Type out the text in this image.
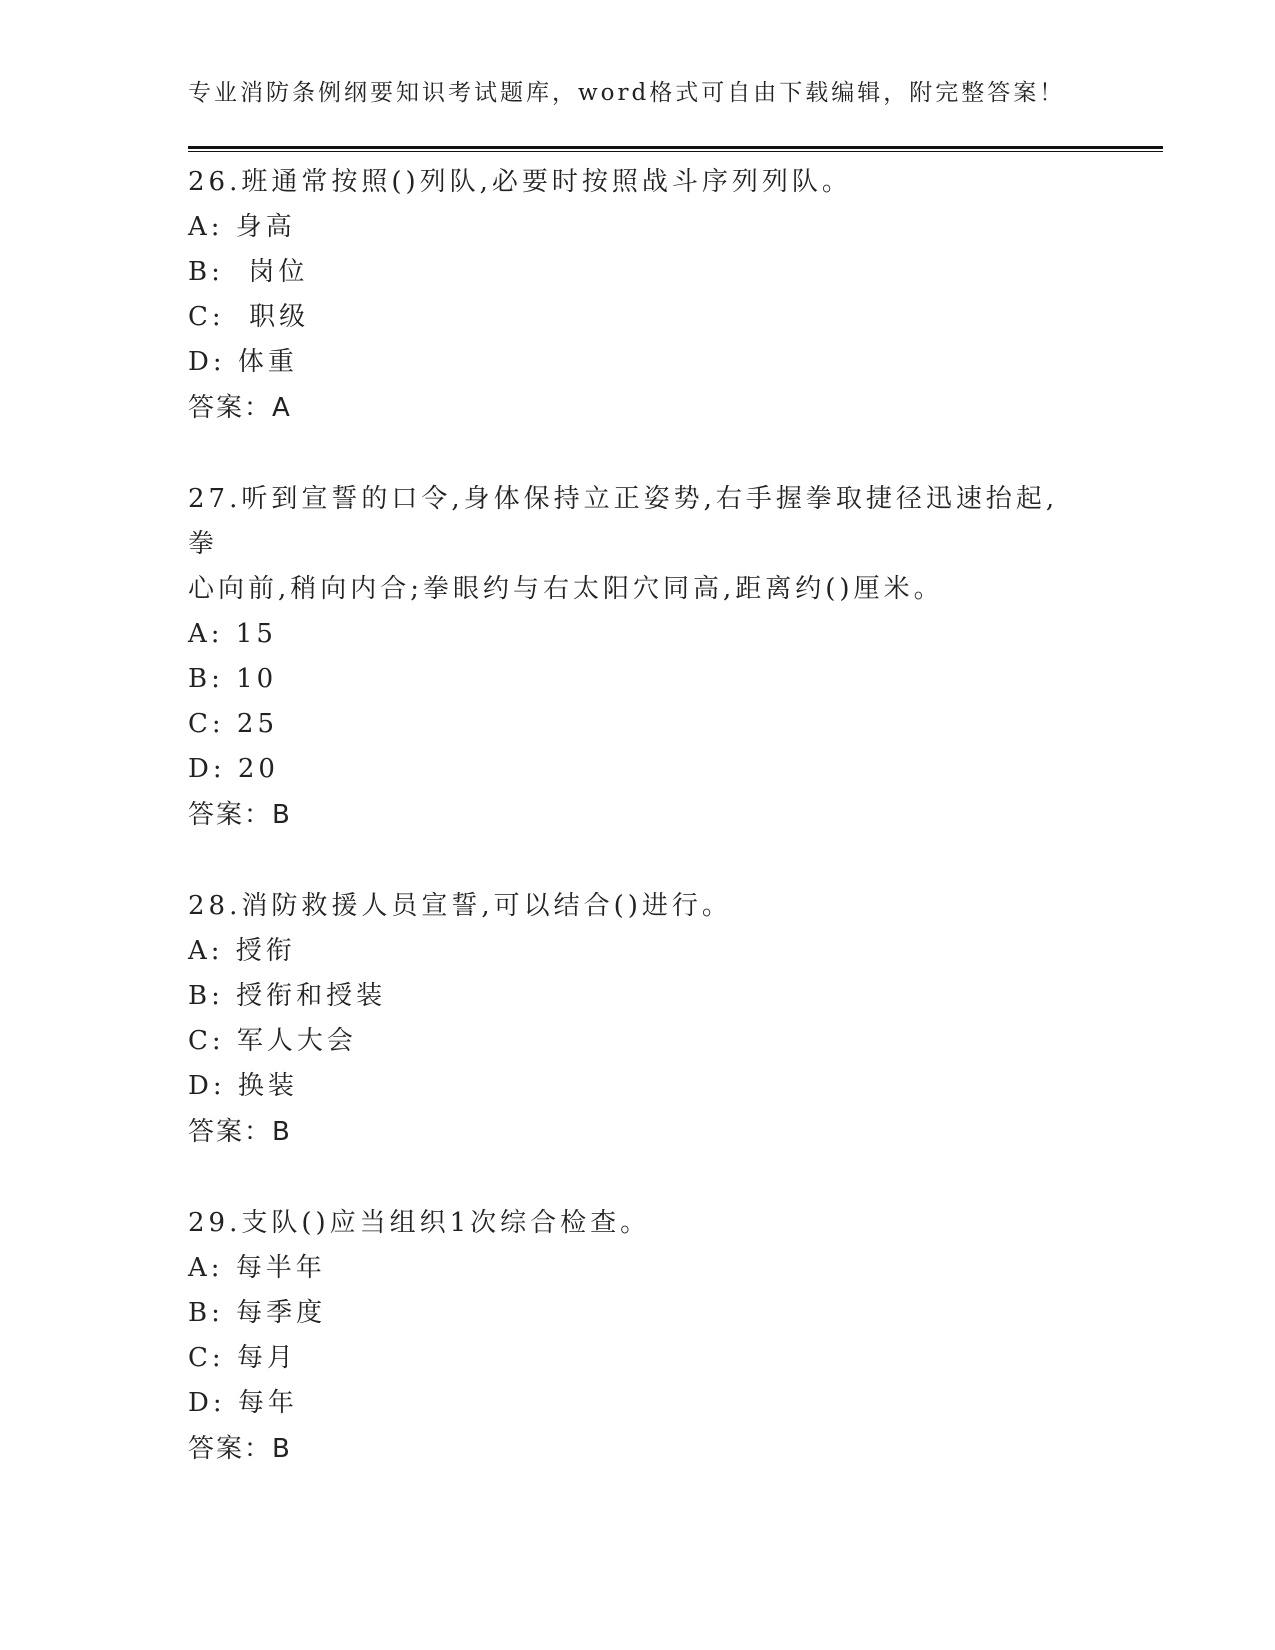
专业消防条例纲要知识考试题库，word格式可自由下载编辑，附完整答案！

26.班通常按照()列队,必要时按照战斗序列列队。

A: 身高

B:  岗位

C:  职级

D: 体重

答案：A

27.听到宣誓的口令,身体保持立正姿势,右手握拳取捷径迅速抬起,拳

心向前,稍向内合;拳眼约与右太阳穴同高,距离约()厘米。

A: 15

B: 10

C: 25

D: 20

答案：B

28.消防救援人员宣誓,可以结合()进行。

A: 授衔

B: 授衔和授装

C: 军人大会

D: 换装

答案：B

29.支队()应当组织1次综合检查。

A: 每半年

B: 每季度

C: 每月

D: 每年

答案：B
